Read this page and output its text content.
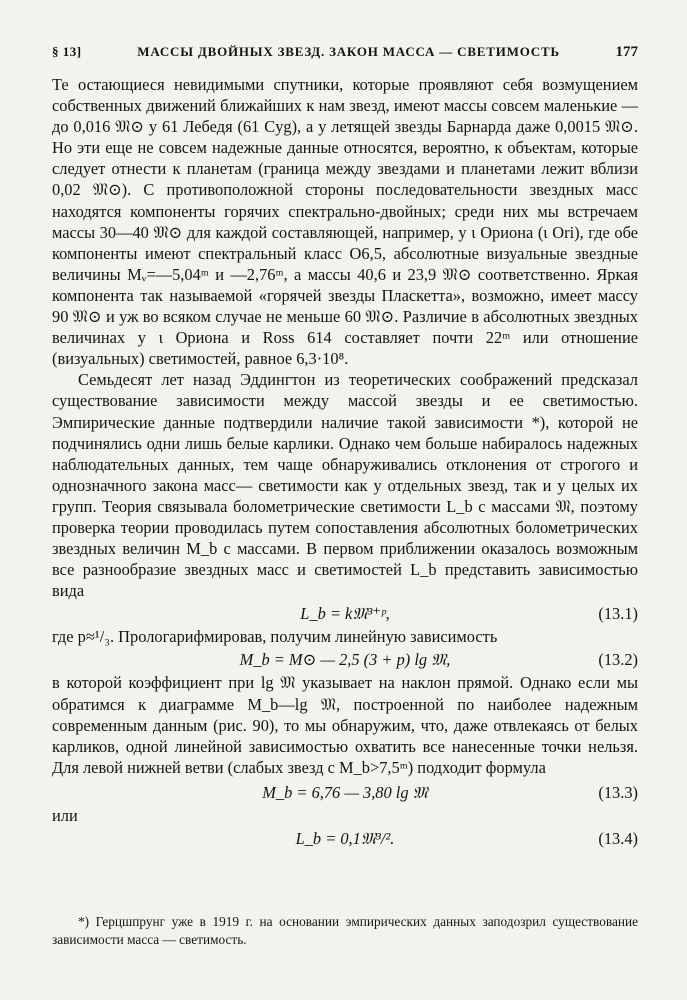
§ 13]	МАССЫ ДВОЙНЫХ ЗВЕЗД. ЗАКОН МАССА — СВЕТИМОСТЬ	177

Те остающиеся невидимыми спутники, которые проявляют себя возмущением собственных движений ближайших к нам звезд, имеют массы совсем маленькие — до 0,016 𝔐⊙ у 61 Лебедя (61 Cyg), а у летящей звезды Барнарда даже 0,0015 𝔐⊙. Но эти еще не совсем надежные данные относятся, вероятно, к объектам, которые следует отнести к планетам (граница между звездами и планетами лежит вблизи 0,02 𝔐⊙). С противоположной стороны последовательности звездных масс находятся компоненты горячих спектрально-двойных; среди них мы встречаем массы 30—40 𝔐⊙ для каждой составляющей, например, у ι Ориона (ι Ori), где обе компоненты имеют спектральный класс O6,5, абсолютные визуальные звездные величины Mᵥ=—5,04ᵐ и —2,76ᵐ, а массы 40,6 и 23,9 𝔐⊙ соответственно. Яркая компонента так называемой «горячей звезды Пласкетта», возможно, имеет массу 90 𝔐⊙ и уж во всяком случае не меньше 60 𝔐⊙. Различие в абсолютных звездных величинах у ι Ориона и Ross 614 составляет почти 22ᵐ или отношение (визуальных) светимостей, равное 6,3·10⁸.

Семьдесят лет назад Эддингтон из теоретических соображений предсказал существование зависимости между массой звезды и ее светимостью. Эмпирические данные подтвердили наличие такой зависимости *), которой не подчинялись одни лишь белые карлики. Однако чем больше набиралось надежных наблюдательных данных, тем чаще обнаруживались отклонения от строгого и однозначного закона масс— светимости как у отдельных звезд, так и у целых их групп. Теория связывала болометрические светимости L_b с массами 𝔐, поэтому проверка теории проводилась путем сопоставления абсолютных болометрических звездных величин M_b с массами. В первом приближении оказалось возможным все разнообразие звездных масс и светимостей L_b представить зависимостью вида

L_b = k𝔐³⁺ᵖ,	(13.1)

где p≈¹/₃. Прологарифмировав, получим линейную зависимость

M_b = M⊙ — 2,5 (3 + p) lg 𝔐,	(13.2)

в которой коэффициент при lg 𝔐 указывает на наклон прямой. Однако если мы обратимся к диаграмме M_b—lg 𝔐, построенной по наиболее надежным современным данным (рис. 90), то мы обнаружим, что, даже отвлекаясь от белых карликов, одной линейной зависимостью охватить все нанесенные точки нельзя. Для левой нижней ветви (слабых звезд с M_b>7,5ᵐ) подходит формула

M_b = 6,76 — 3,80 lg 𝔐	(13.3)

или

L_b = 0,1𝔐³/².	(13.4)
*) Герцшпрунг уже в 1919 г. на основании эмпирических данных заподозрил существование зависимости масса — светимость.
